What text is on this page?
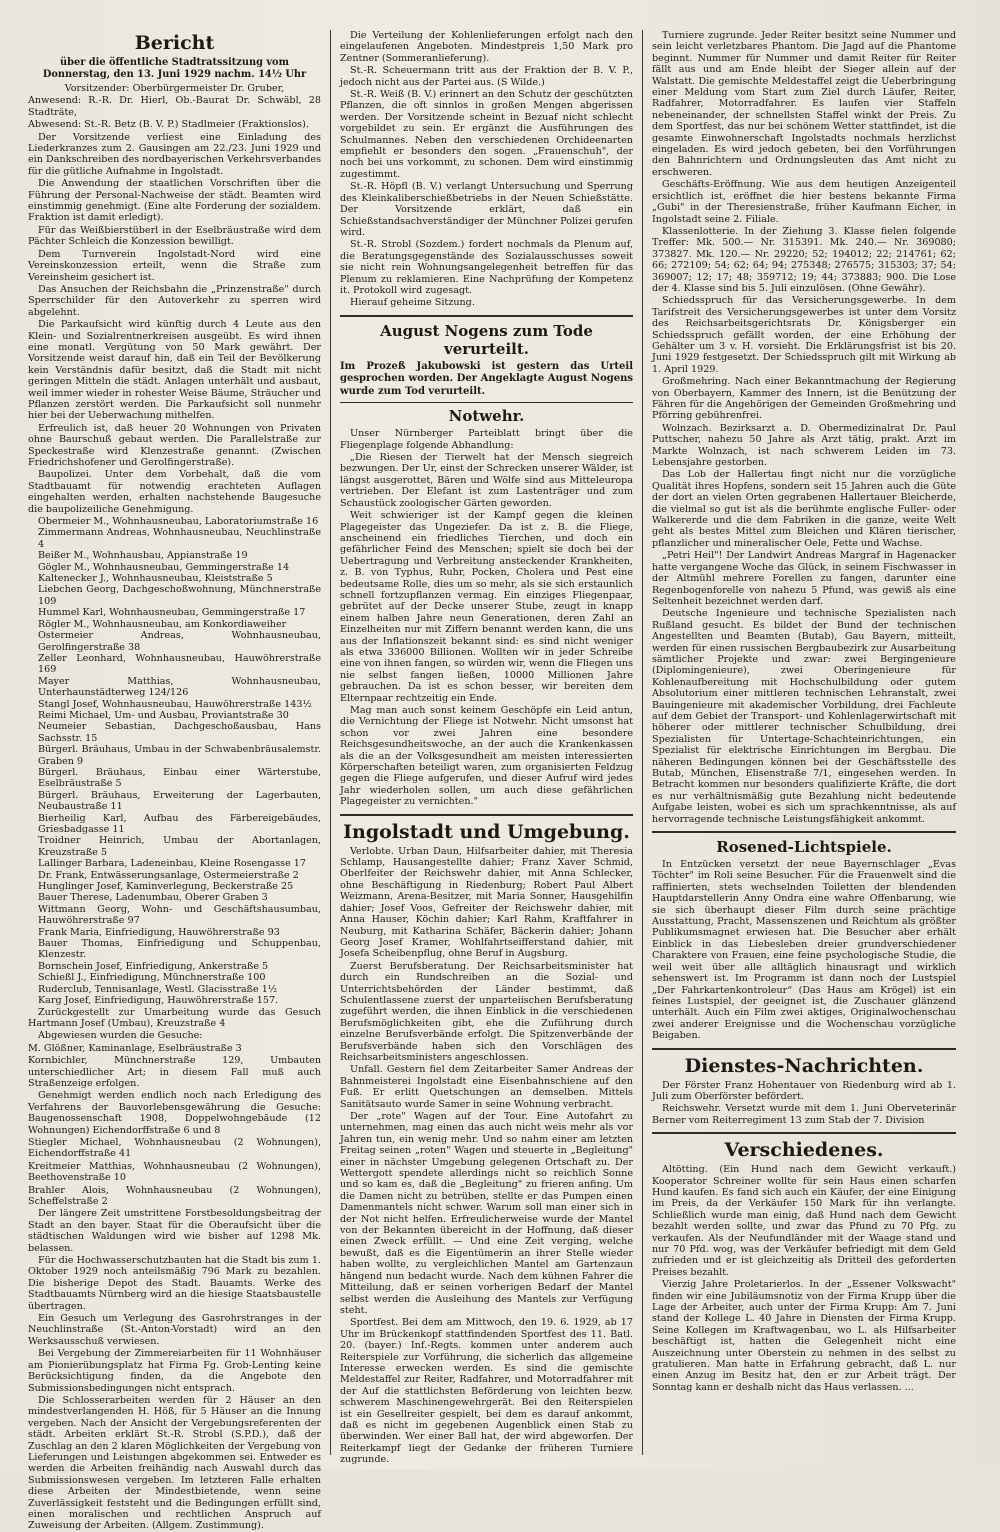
Bericht
über die öffentliche Stadtratssitzung vom Donnerstag, den 13. Juni 1929 nachm. 14½ Uhr

Vorsitzender: Oberbürgermeister Dr. Gruber,

Anwesend: R.-R. Dr. Hierl, Ob.-Baurat Dr. Schwäbl, 28 Stadträte,

Abwesend: St.-R. Betz (B. V. P.) Stadlmeier (Fraktionslos).

Der Vorsitzende verliest eine Einladung des Liederkranzes zum 2. Gausingen am 22./23. Juni 1929 und ein Dankschreiben des nordbayerischen Verkehrsverbandes für die gütliche Aufnahme in Ingolstadt.

Die Anwendung der staatlichen Vorschriften über die Führung der Personal-Nachweise der städt. Beamten wird einstimmig genehmigt. (Eine alte Forderung der sozialdem. Fraktion ist damit erledigt).

Für das Weißbierstüberl in der Eselbräustraße wird dem Pächter Schleich die Konzession bewilligt.

Dem Turnverein Ingolstadt-Nord wird eine Vereinskonzession erteilt, wenn die Straße zum Vereinsheim gesichert ist.

Das Ansuchen der Reichsbahn die „Prinzenstraße" durch Sperrschilder für den Autoverkehr zu sperren wird abgelehnt.

Die Parkaufsicht wird künftig durch 4 Leute aus den Klein- und Sozialrentnerkreisen ausgeübt. Es wird ihnen eine monatl. Vergütung von 50 Mark gewährt. Der Vorsitzende weist darauf hin, daß ein Teil der Bevölkerung kein Verständnis dafür besitzt, daß die Stadt mit nicht geringen Mitteln die städt. Anlagen unterhält und ausbaut, weil immer wieder in rohester Weise Bäume, Sträucher und Pflanzen zerstört werden. Die Parkaufsicht soll nunmehr hier bei der Ueberwachung mithelfen.

Erfreulich ist, daß heuer 20 Wohnungen von Privaten ohne Baurschuß gebaut werden. Die Parallelstraße zur Speckestraße wird Klenzestraße genannt. (Zwischen Friedrichshofener und Gerolfingerstraße).

Baupolizei. Unter dem Vorbehalt, daß die vom Stadtbauamt für notwendig erachteten Auflagen eingehalten werden, erhalten nachstehende Baugesuche die baupolizeiliche Genehmigung.

Obermeier M., Wohnhausneubau, Laboratoriumstraße 16

Zimmermann Andreas, Wohnhausneubau, Neuchlinstraße 4

Beißer M., Wohnhausbau, Appianstraße 19

Gögler M., Wohnhausneubau, Gemmingerstraße 14

Kaltenecker J., Wohnhausneubau, Kleiststraße 5

Liebchen Georg, Dachgeschoßwohnung, Münchnerstraße 109

Hummel Karl, Wohnhausneubau, Gemmingerstraße 17

Rögler M., Wohnhausneubau, am Konkordiaweiher

Ostermeier Andreas, Wohnhausneubau, Gerolfingerstraße 38

Zeller Leonhard, Wohnhausneubau, Hauwöhrerstraße 169

Mayer Matthias, Wohnhausneubau, Unterhaunstädterweg 124/126

Stangl Josef, Wohnhausneubau, Hauwöhrerstraße 143½

Reimi Michael, Um- und Ausbau, Proviantstraße 30

Neumeier Sebastian, Dachgeschoßausbau, Hans Sachsstr. 15

Bürgerl. Bräuhaus, Umbau in der Schwabenbräusalemstr. Graben 9

Bürgerl. Bräuhaus, Einbau einer Wärterstube, Eselbräustraße 5

Bürgerl. Bräuhaus, Erweiterung der Lagerbauten, Neubaustraße 11

Bierheilig Karl, Aufbau des Färbereigebäudes, Griesbadgasse 11

Troidner Heinrich, Umbau der Abortanlagen, Kreuzstraße 5

Lallinger Barbara, Ladeneinbau, Kleine Rosengasse 17

Dr. Frank, Entwässerungsanlage, Ostermeierstraße 2

Hunglinger Josef, Kaminverlegung, Beckerstraße 25

Bauer Therese, Ladenumbau, Oberer Graben 3

Wittmann Georg, Wohn- und Geschäftshausumbau, Hauwöhrerstraße 97

Frank Maria, Einfriedigung, Hauwöhrerstraße 93

Bauer Thomas, Einfriedigung und Schuppenbau, Klenzestr.

Bornschein Josef, Einfriedigung, Ankerstraße 5

Schießl J., Einfriedigung, Münchnerstraße 100

Ruderclub, Tennisanlage, Westl. Glacisstraße 1½

Karg Josef, Einfriedigung, Hauwöhrerstraße 157.

Zurückgestellt zur Umarbeitung wurde das Gesuch Hartmann Josef (Umbau), Kreuzstraße 4

Abgewiesen wurden die Gesuche:

M. Glößner, Kaminanlage, Eselbräustraße 3

Kornbichler, Münchnerstraße 129, Umbauten unterschiedlicher Art; in diesem Fall muß auch Straßenzeige erfolgen.

Genehmigt werden endlich noch nach Erledigung des Verfahrens der Bauvorlebensgewährung die Gesuche: Baugenossenschaft 1908, Doppelwohngebäude (12 Wohnungen) Eichendorffstraße 6 und 8

Stiegler Michael, Wohnhausneubau (2 Wohnungen), Eichendorffstraße 41

Kreitmeier Matthias, Wohnhausneubau (2 Wohnungen), Beethovenstraße 10

Brahler Alois, Wohnhausneubau (2 Wohnungen), Scheffelstraße 2

Der längere Zeit umstrittene Forstbesoldungsbeitrag der Stadt an den bayer. Staat für die Oberaufsicht über die städtischen Waldungen wird wie bisher auf 1298 Mk. belassen.

Für die Hochwasserschutzbauten hat die Stadt bis zum 1. Oktober 1929 noch anteilsmäßig 796 Mark zu bezahlen. Die bisherige Depot des Stadt. Bauamts. Werke des Stadtbauamts Nürnberg wird an die hiesige Staatsbaustelle übertragen.

Ein Gesuch um Verlegung des Gasrohrstranges in der Neuchlinstraße (St.-Anton-Vorstadt) wird an den Werksausschuß verwiesen.

Bei Vergebung der Zimmereiarbeiten für 11 Wohnhäuser am Pionierübungsplatz hat Firma Fg. Grob-Lenting keine Berücksichtigung finden, da die Angebote den Submissionsbedingungen nicht entsprach.

Die Schlosserarbeiten werden für 2 Häuser an den mindestverlangenden H. Höß, für 5 Häuser an die Innung vergeben. Nach der Ansicht der Vergebungsreferenten der städt. Arbeiten erklärt St.-R. Strobl (S.P.D.), daß der Zuschlag an den 2 klaren Möglichkeiten der Vergebung von Lieferungen und Leistungen abgekommen sei. Entweder es werden die Arbeiten freihändig nach Auswahl durch das Submissionswesen vergeben. Im letzteren Falle erhalten diese Arbeiten der Mindestbietende, wenn seine Zuverlässigkeit feststeht und die Bedingungen erfüllt sind, einen moralischen und rechtlichen Anspruch auf Zuweisung der Arbeiten. (Allgem. Zustimmung).

Die Verteilung der Kohlenlieferungen erfolgt nach den eingelaufenen Angeboten. Mindestpreis 1,50 Mark pro Zentner (Sommeranlieferung).

St.-R. Scheuermann tritt aus der Fraktion der B. V. P., jedoch nicht aus der Partei aus. (S Wilde.)

St.-R. Weiß (B. V.) erinnert an den Schutz der geschützten Pflanzen, die oft sinnlos in großen Mengen abgerissen werden. Der Vorsitzende scheint in Bezuaf nicht schlecht vorgebildet zu sein. Er ergänzt die Ausführungen des Schulmannes. Neben den verschiedenen Orchideenarten empfiehlt er besonders den sogen. „Frauenschuh", der noch bei uns vorkommt, zu schonen. Dem wird einstimmig zugestimmt.

St.-R. Höpfl (B. V.) verlangt Untersuchung und Sperrung des Kleinkaliberschießbetriebs in der Neuen Schießstätte. Der Vorsitzende erklärt, daß ein Schießstandsachverständiger der Münchner Polizei gerufen wird.

St.-R. Strobl (Sozdem.) fordert nochmals da Plenum auf, die Beratungsgegenstände des Sozialausschusses soweit sie nicht rein Wohnungsangelegenheit betreffen für das Plenum zu reklamieren. Eine Nachprüfung der Kompetenz it. Protokoll wird zugesagt.

Hierauf geheime Sitzung.

August Nogens zum Tode verurteilt.

Im Prozeß Jakubowski ist gestern das Urteil gesprochen worden. Der Angeklagte August Nogens wurde zum Tod verurteilt.

Notwehr.

Unser Nürnberger Parteiblatt bringt über die Fliegenplage folgende Abhandlung:

„Die Riesen der Tierwelt hat der Mensch siegreich bezwungen. Der Ur, einst der Schrecken unserer Wälder, ist längst ausgerottet, Bären und Wölfe sind aus Mitteleuropa vertrieben. Der Elefant ist zum Lastenträger und zum Schaustück zoologischer Gärten geworden.

Weit schwieriger ist der Kampf gegen die kleinen Plagegeister das Ungeziefer. Da ist z. B. die Fliege, anscheinend ein friedliches Tierchen, und doch ein gefährlicher Feind des Menschen; spielt sie doch bei der Uebertragung und Verbreitung ansteckender Krankheiten, z. B. von Typhus, Ruhr, Pocken, Cholera und Pest eine bedeutsame Rolle, dies um so mehr, als sie sich erstaunlich schnell fortzupflanzen vermag. Ein einziges Fliegenpaar, gebrütet auf der Decke unserer Stube, zeugt in knapp einem halben Jahre neun Generationen, deren Zahl an Einzelheiten nur mit Ziffern benannt werden kann, die uns aus der Inflationszeit bekannt sind: es sind nicht weniger als etwa 336000 Billionen. Wollten wir in jeder Schreibe eine von ihnen fangen, so würden wir, wenn die Fliegen uns nie selbst fangen ließen, 10000 Millionen Jahre gebrauchen. Da ist es schon besser, wir bereiten dem Elternpaar rechtzeitig ein Ende.

Mag man auch sonst keinem Geschöpfe ein Leid antun, die Vernichtung der Fliege ist Notwehr. Nicht umsonst hat schon vor zwei Jahren eine besondere Reichsgesundheitswoche, an der auch die Krankenkassen als die an der Volksgesundheit am meisten interessierten Körperschaften beteiligt waren, zum organisierten Feldzug gegen die Fliege aufgerufen, und dieser Aufruf wird jedes Jahr wiederholen sollen, um auch diese gefährlichen Plagegeister zu vernichten."

Ingolstadt und Umgebung.

Verlobte. Urban Daun, Hilfsarbeiter dahier, mit Theresia Schlamp, Hausangestellte dahier; Franz Xaver Schmid, Oberlfeiter der Reichswehr dahier, mit Anna Schlecker, ohne Beschäftigung in Riedenburg; Robert Paul Albert Weizmann, Arena-Besitzer, mit Maria Sonner, Hausgehilfin dahier; Josef Voos, Gefreiter der Reichswehr dahier, mit Anna Hauser, Köchin dahier; Karl Rahm, Kraftfahrer in Neuburg, mit Katharina Schäfer, Bäckerin dahier; Johann Georg Josef Kramer, Wohlfahrtseifferstand dahier, mit Josefa Scheibenpflug, ohne Beruf in Augsburg.

Zuerst Berufsberatung. Der Reichsarbeitsminister hat durch ein Rundschreiben an die Sozial- und Unterrichtsbehörden der Länder bestimmt, daß Schulentlassene zuerst der unparteiischen Berufsberatung zugeführt werden, die ihnen Einblick in die verschiedenen Berufsmöglichkeiten gibt, ehe die Zuführung durch einzelne Berufsverbände erfolgt. Die Spitzenverbände der Berufsverbände haben sich den Vorschlägen des Reichsarbeitsministers angeschlossen.

Unfall. Gestern fiel dem Zeitarbeiter Samer Andreas der Bahnmeisterei Ingolstadt eine Eisenbahnschiene auf den Fuß. Er erlitt Quetschungen an demselben. Mittels Sanitätsauto wurde Samer in seine Wohnung verbracht.

Der „rote" Wagen auf der Tour. Eine Autofahrt zu unternehmen, mag einen das auch nicht weis mehr als vor Jahren tun, ein wenig mehr. Und so nahm einer am letzten Freitag seinen „roten" Wagen und steuerte in „Begleitung" einer in nächster Umgebung gelegenen Ortschaft zu. Der Wettergott spendete allerdings nicht so reichlich Sonne und so kam es, daß die „Begleitung" zu frieren anfing. Um die Damen nicht zu betrüben, stellte er das Pumpen einen Damenmantels nicht schwer. Warum soll man einer sich in der Not nicht helfen. Erfreulicherweise wurde der Mantel von der Bekannten übereicht in der Hoffnung, daß dieser einen Zweck erfüllt. — Und eine Zeit verging, welche bewußt, daß es die Eigentümerin an ihrer Stelle wieder haben wollte, zu vergleichlichen Mantel am Gartenzaun hängend nun bedacht wurde. Nach dem kühnen Fahrer die Mitteilung, daß er seinen vorherigen Bedarf der Mantel selbst werden die Ausleihung des Mantels zur Verfügung steht.

Sportfest. Bei dem am Mittwoch, den 19. 6. 1929, ab 17 Uhr im Brückenkopf stattfindenden Sportfest des 11. Batl. 20. (bayer.) Inf.-Regts. kommen unter anderem auch Reiterspiele zur Vorführung, die sicherlich das allgemeine Interesse erwecken werden. Es sind die gemischte Meldestaffel zur Reiter, Radfahrer, und Motorradfahrer mit der Auf die stattlichsten Beförderung von leichten bezw. schwerem Maschinengewehrgerät. Bei den Reiterspielen ist ein Gesellreiter gespielt, bei dem es darauf ankommt, daß es nicht im gegebenen Augenblick einen Stab zu überwinden. Wer einer Ball hat, der wird abgeworfen. Der Reiterkampf liegt der Gedanke der früheren Turniere zugrunde.

Turniere zugrunde. Jeder Reiter besitzt seine Nummer und sein leicht verletzbares Phantom. Die Jagd auf die Phantome beginnt. Nummer für Nummer und damit Reiter für Reiter fällt aus und am Ende bleibt der Sieger allein auf der Walstatt. Die gemischte Meldestaffel zeigt die Ueberbringung einer Meldung vom Start zum Ziel durch Läufer, Reiter, Radfahrer, Motorradfahrer. Es laufen vier Staffeln nebeneinander, der schnellsten Staffel winkt der Preis. Zu dem Sportfest, das nur bei schönem Wetter stattfindet, ist die gesamte Einwohnerschaft Ingolstadts nochmals herzlichst eingeladen. Es wird jedoch gebeten, bei den Vorführungen den Bahnrichtern und Ordnungsleuten das Amt nicht zu erschweren.

Geschäfts-Eröffnung. Wie aus dem heutigen Anzeigenteil ersichtlich ist, eröffnet die hier bestens bekannte Firma „Gubi" in der Theresienstraße, früher Kaufmann Eicher, in Ingolstadt seine 2. Filiale.

Klassenlotterie. In der Ziehung 3. Klasse fielen folgende Treffer: Mk. 500.— Nr. 315391. Mk. 240.— Nr. 369080; 373827. Mk. 120.— Nr. 29220; 52; 194012; 22; 214761; 62; 66; 272109; 54; 62; 64; 94; 275348; 276575; 315303; 37; 54; 369007; 12; 17; 48; 359712; 19; 44; 373883; 900. Die Lose der 4. Klasse sind bis 5. Juli einzulösen. (Ohne Gewähr).

Schiedsspruch für das Versicherungsgewerbe. In dem Tarifstreit des Versicherungsgewerbes ist unter dem Vorsitz des Reichsarbeitsgerichtsrats Dr. Königsberger ein Schiedsspruch gefällt worden, der eine Erhöhung der Gehälter um 3 v. H. vorsieht. Die Erklärungsfrist ist bis 20. Juni 1929 festgesetzt. Der Schiedsspruch gilt mit Wirkung ab 1. April 1929.

Großmehring. Nach einer Bekanntmachung der Regierung von Oberbayern, Kammer des Innern, ist die Benützung der Fähren für die Angehörigen der Gemeinden Großmehring und Pförring gebührenfrei.

Wolnzach. Bezirksarzt a. D. Obermedizinalrat Dr. Paul Puttscher, nahezu 50 Jahre als Arzt tätig, prakt. Arzt im Markte Wolnzach, ist nach schwerem Leiden im 73. Lebensjahre gestorben.

Das Lob der Hallertau fingt nicht nur die vorzügliche Qualität ihres Hopfens, sondern seit 15 Jahren auch die Güte der dort an vielen Orten gegrabenen Hallertauer Bleicherde, die vielmal so gut ist als die berühmte englische Fuller- oder Walkererde und die dem Fabriken in die ganze, weite Welt geht als bestes Mittel zum Bleichen und Klären tierischer, pflanzlicher und mineralischer Oele, Fette und Wachse.

„Petri Heil"! Der Landwirt Andreas Margraf in Hagenacker hatte vergangene Woche das Glück, in seinem Fischwasser in der Altmühl mehrere Forellen zu fangen, darunter eine Regenbogenforelle von nahezu 5 Pfund, was gewiß als eine Seltenheit bezeichnet werden darf.

Deutsche Ingenieure und technische Spezialisten nach Rußland gesucht. Es bildet der Bund der technischen Angestellten und Beamten (Butab), Gau Bayern, mitteilt, werden für einen russischen Bergbaubezirk zur Ausarbeitung sämtlicher Projekte und zwar: zwei Bergingenieure (Diplomingenieure), zwei Oberingenieure für Kohlenaufbereitung mit Hochschulbildung oder gutem Absolutorium einer mittleren technischen Lehranstalt, zwei Bauingenieure mit akademischer Vorbildung, drei Fachleute auf dem Gebiet der Transport- und Kohlenlagerwirtschaft mit höherer oder mittlerer technischer Schulbildung, drei Spezialisten für Untertage-Schachteinrichtungen, ein Spezialist für elektrische Einrichtungen im Bergbau. Die näheren Bedingungen können bei der Geschäftsstelle des Butab, München, Elisenstraße 7/1, eingesehen werden. In Betracht kommen nur besonders qualifizierte Kräfte, die dort es nur verhältnismäßig gute Bezahlung nicht bedeutende Aufgabe leisten, wobei es sich um sprachkenntnisse, als auf hervorragende technische Leistungsfähigkeit ankommt.

Rosened-Lichtspiele.

In Entzücken versetzt der neue Bayernschlager „Evas Töchter" im Roli seine Besucher. Für die Frauenwelt sind die raffinierten, stets wechselnden Toiletten der blendenden Hauptdarstellerin Anny Ondra eine wahre Offenbarung, wie sie sich überhaupt dieser Film durch seine prächtige Ausstattung, Pracht, Massenszenen und Reichtum als größter Publikumsmagnet erwiesen hat. Die Besucher aber erhält Einblick in das Liebesleben dreier grundverschiedener Charaktere von Frauen, eine feine psychologische Studie, die weil weit über alle alltäglich hinausragt und wirklich sehenswert ist. Im Programm ist dann noch der Lustspiel „Der Fahrkartenkontroleur“ (Das Haus am Krögel) ist ein feines Lustspiel, der geeignet ist, die Zuschauer glänzend unterhält. Auch ein Film zwei aktiges, Originalwochenschau zwei anderer Ereignisse und die Wochenschau vorzügliche Beigaben.

Dienstes-Nachrichten.

Der Förster Franz Hohentauer von Riedenburg wird ab 1. Juli zum Oberförster befördert.

Reichswehr. Versetzt wurde mit dem 1. Juni Oberveterinär Berner vom Reiterregiment 13 zum Stab der 7. Division

Verschiedenes.

Altötting. (Ein Hund nach dem Gewicht verkauft.) Kooperator Schreiner wollte für sein Haus einen scharfen Hund kaufen. Es fand sich auch ein Käufer, der eine Einigung im Preis, da der Verkäufer 150 Mark für ihn verlangte. Schließlich wurde man einig, daß Hund nach dem Gewicht bezahlt werden sollte, und zwar das Pfund zu 70 Pfg. zu verkaufen. Als der Neufundländer mit der Waage stand und nur 70 Pfd. wog, was der Verkäufer befriedigt mit dem Geld zufrieden und er ist gleichzeitig als Dritteil des geforderten Preises bezahlt.

Vierzig Jahre Proletarierlos. In der „Essener Volkswacht" finden wir eine Jubiläumsnotiz von der Firma Krupp über die Lage der Arbeiter, auch unter der Firma Krupp: Am 7. Juni stand der Kollege L. 40 Jahre in Diensten der Firma Krupp. Seine Kollegen im Kraftwagenbau, wo L. als Hilfsarbeiter beschäftigt ist, hatten die Gelegenheit nicht eine Auszeichnung unter Oberstein zu nehmen in des selbst zu gratulieren. Man hatte in Erfahrung gebracht, daß L. nur einen Anzug im Besitz hat, den er zur Arbeit trägt. Der Sonntag kann er deshalb nicht das Haus verlassen. ...
